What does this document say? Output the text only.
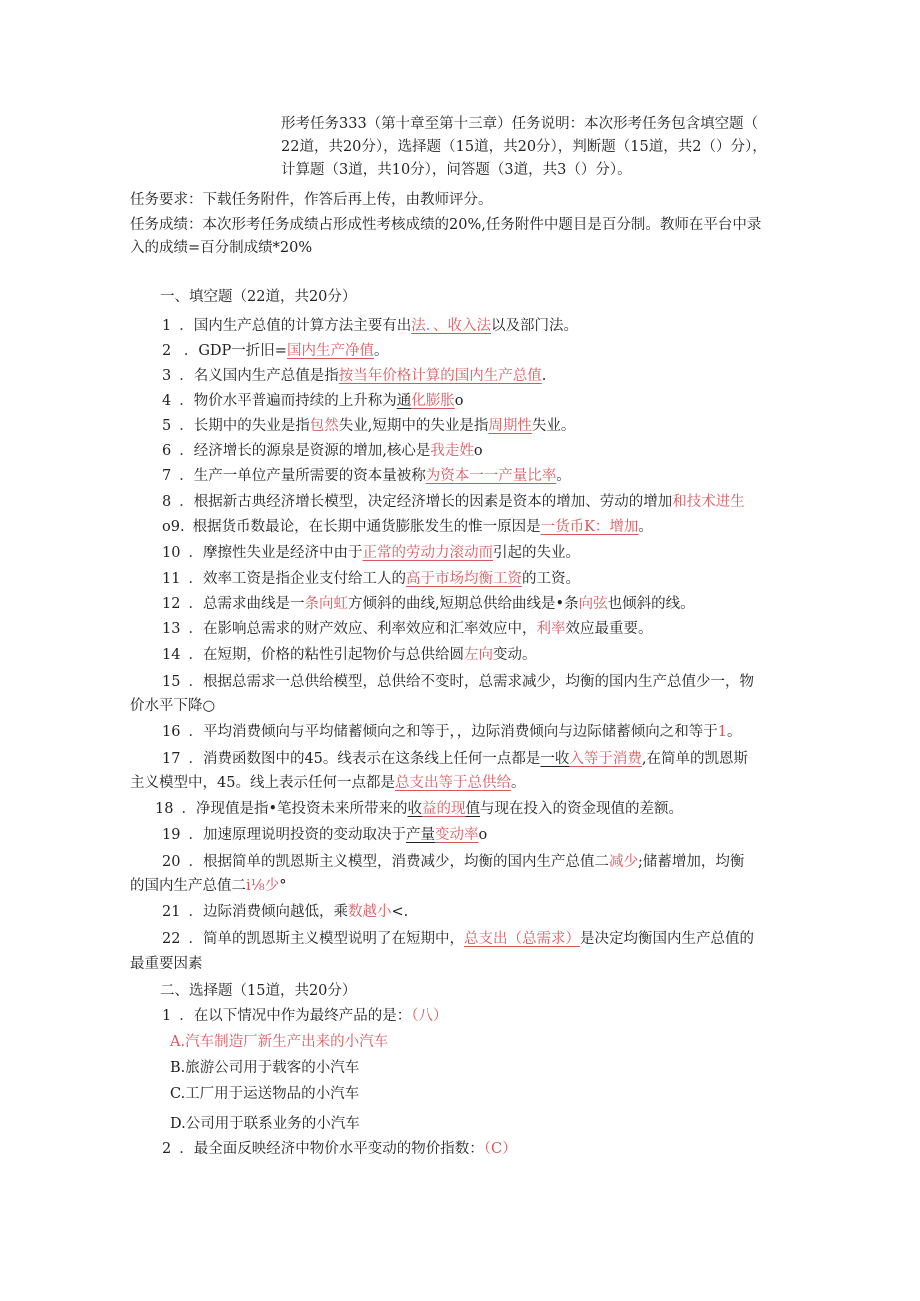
形考任务333（第十章至第十三章）任务说明：本次形考任务包含填空题（
22道，共20分），选择题（15道，共20分），判断题（15道，共2（）分），
计算题（3道，共10分），问答题（3道，共3（）分）。
任务要求：下载任务附件，作答后再上传，由教师评分。
任务成绩：本次形考任务成绩占形成性考核成绩的20%,任务附件中题目是百分制。教师在平台中录
入的成绩=百分制成绩*20%
一、填空题（22道，共20分）
1 ．国内生产总值的计算方法主要有出法．、收入法以及部门法。
2 ．GDP一折旧=国内生产净值。
3 ．名义国内生产总值是指按当年价格计算的国内生产总值.
4 ．物价水平普遍而持续的上升称为通化膨胀o
5 ．长期中的失业是指包然失业,短期中的失业是指周期性失业。
6 ．经济增长的源泉是资源的增加,核心是我走姓o
7 ．生产一单位产量所需要的资本量被称为资本一一产量比率。
8 ．根据新古典经济增长模型，决定经济增长的因素是资本的增加、劳动的增加和技术进生
o9. 根据货币数最论，在长期中通货膨胀发生的惟一原因是一货币K：增加。
10 ．摩擦性失业是经济中由于正常的劳动力滚动而引起的失业。
11 ．效率工资是指企业支付给工人的高于市场均衡工资的工资。
12 ．总需求曲线是一条向虹方倾斜的曲线,短期总供给曲线是•条向弦也倾斜的线。
13 ．在影响总需求的财产效应、利率效应和汇率效应中，利率效应最重要。
14 ．在短期，价格的粘性引起物价与总供给圆左向变动。
15 ．根据总需求一总供给模型，总供给不变时，总需求减少，均衡的国内生产总值少一，物
价水平下降○
16 ．平均消费倾向与平均储蓄倾向之和等于，，边际消费倾向与边际储蓄倾向之和等于1。
17 ．消费函数图中的45。线表示在这条线上任何一点都是一收入等于消费,在简单的凯恩斯
主义模型中，45。线上表示任何一点都是总支出等于总供给。
18 ．净现值是指•笔投资未来所带来的收益的现值与现在投入的资金现值的差额。
19 ．加速原理说明投资的变动取决于产量变动率o
20 ．根据简单的凯恩斯主义模型，消费减少，均衡的国内生产总值二减少;储蓄增加，均衡
的国内生产总值二i⅛少°
21 ．边际消费倾向越低，乘数越小<.
22 ．简单的凯恩斯主义模型说明了在短期中，总支出（总需求）是决定均衡国内生产总值的
最重要因素
二、选择题（15道，共20分）
1 ．在以下情况中作为最终产品的是：（八）
A.汽车制造厂新生产出来的小汽车
B.旅游公司用于载客的小汽车
C.工厂用于运送物品的小汽车
D.公司用于联系业务的小汽车
2 ．最全面反映经济中物价水平变动的物价指数：（C）
